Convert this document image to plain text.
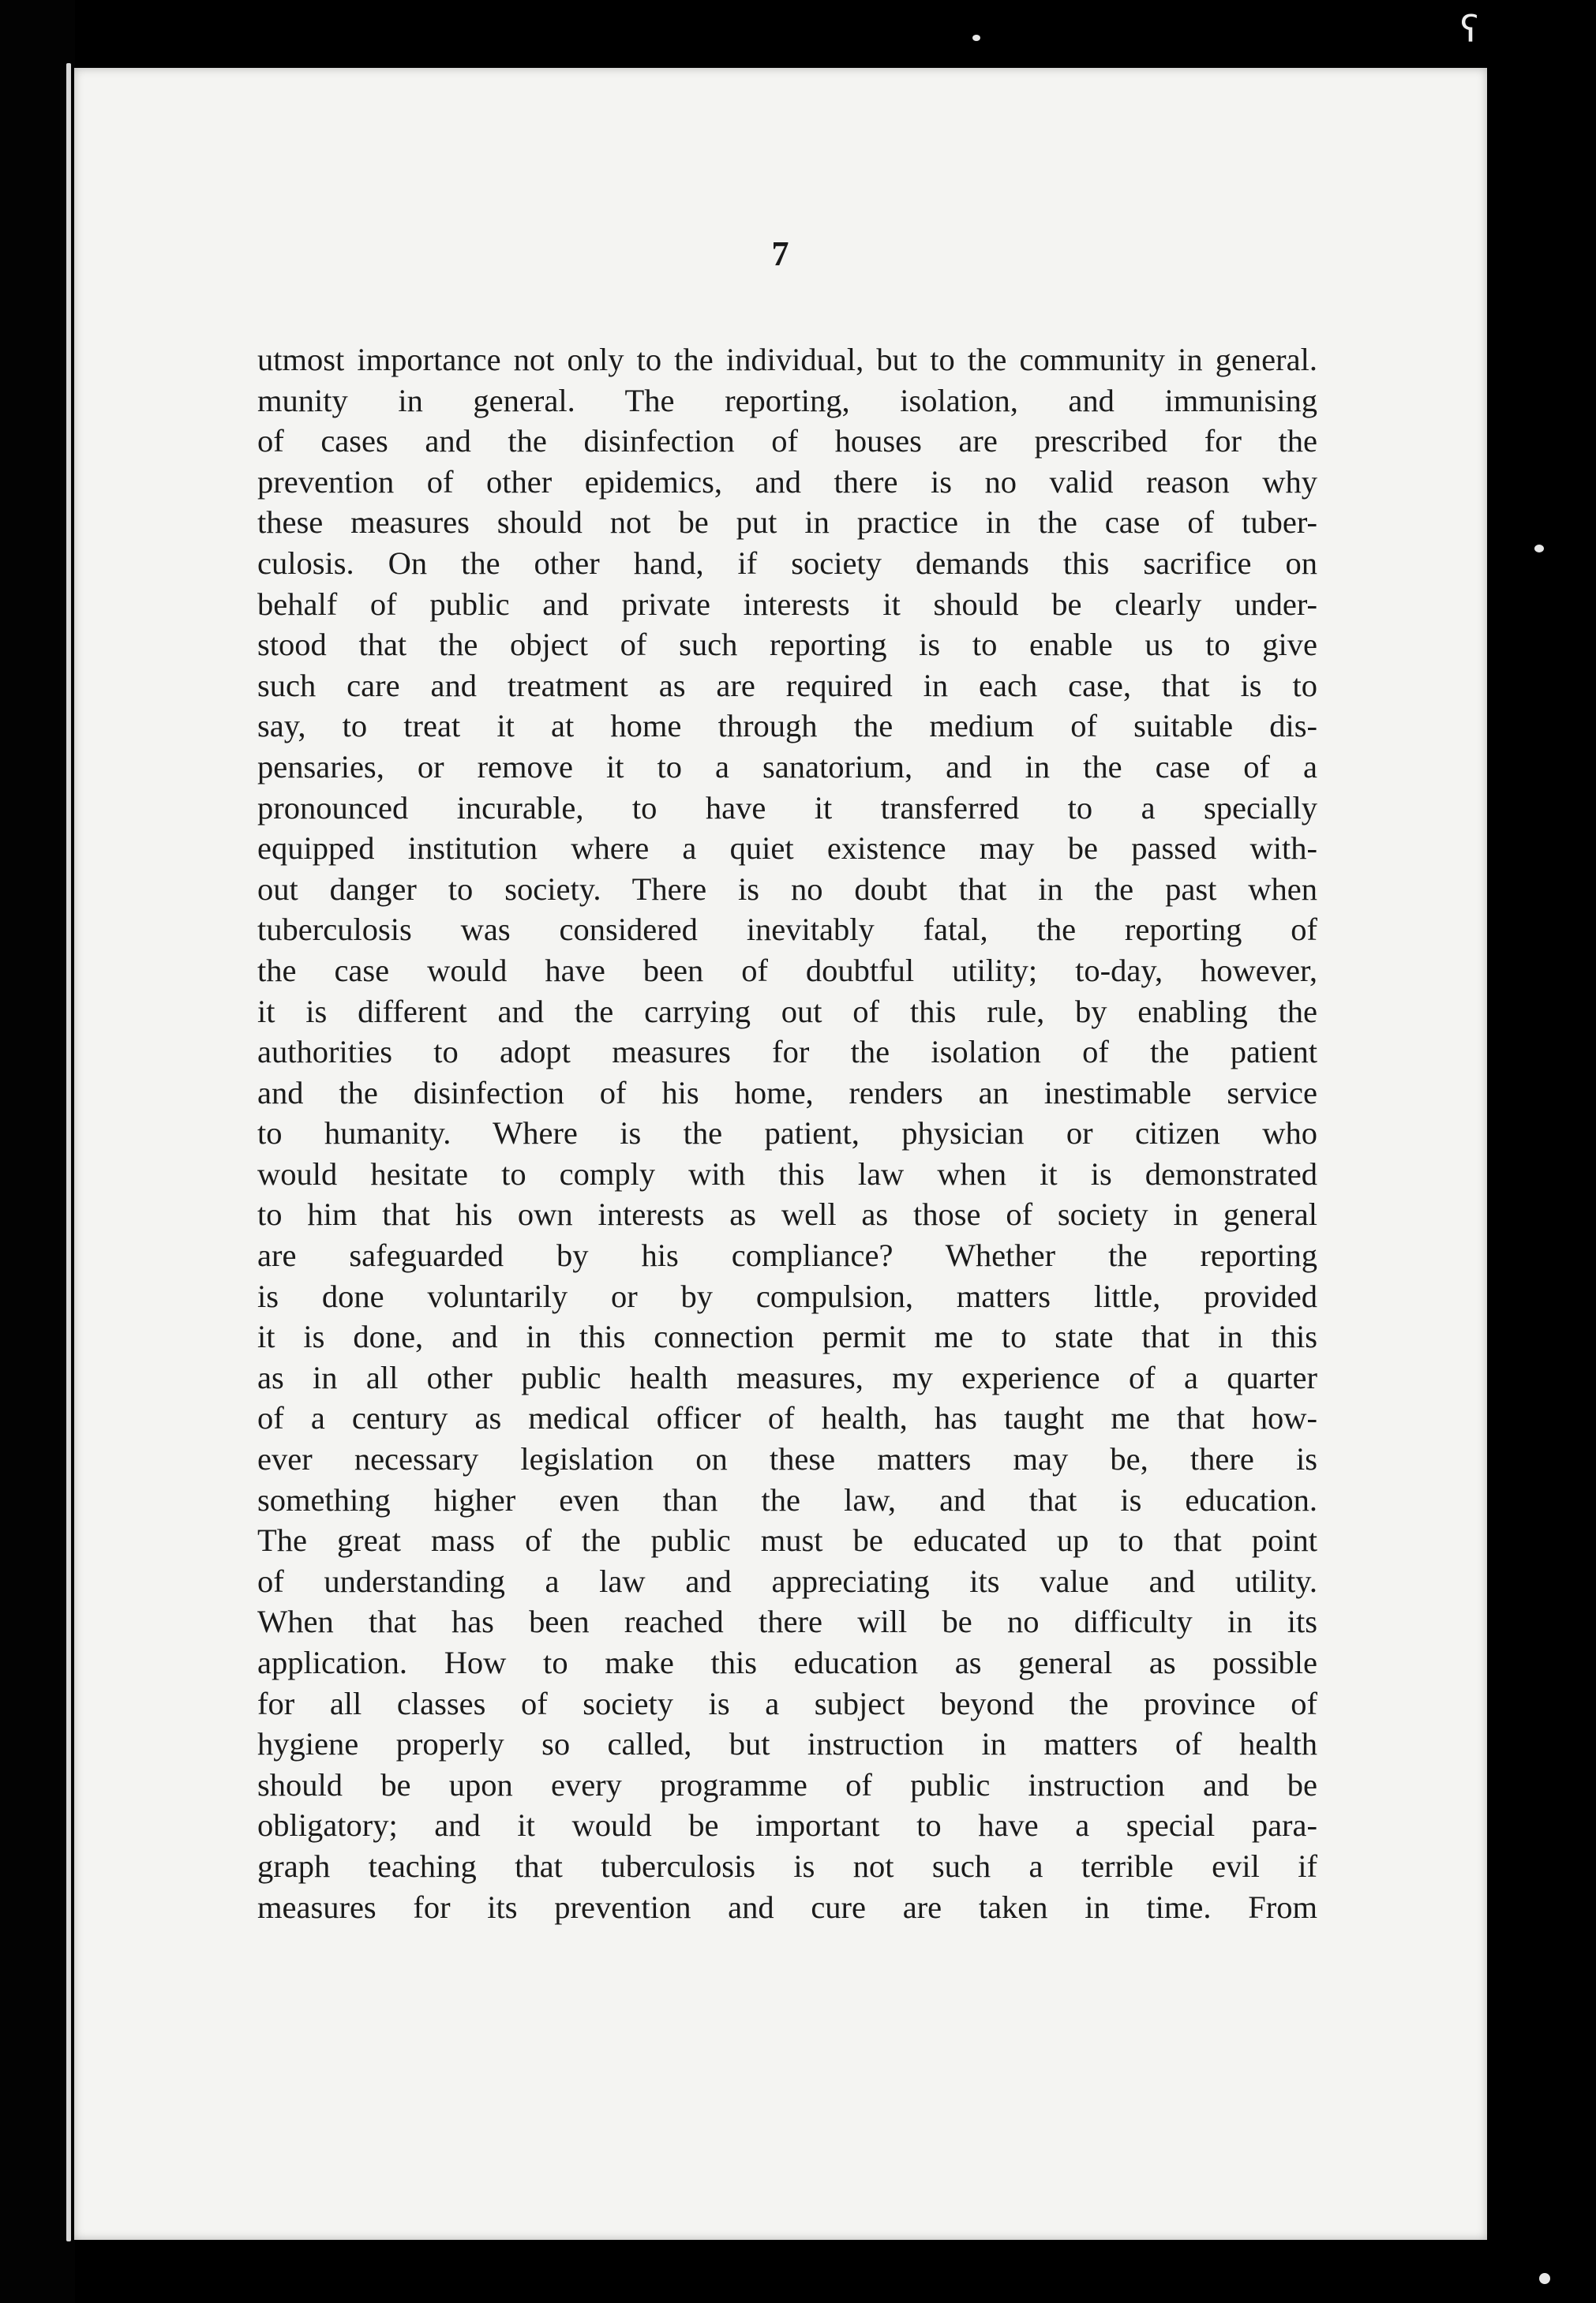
7
utmost importance not only to the individual, but to the community in general.
munity in general. The reporting, isolation, and immunising
of cases and the disinfection of houses are prescribed for the
prevention of other epidemics, and there is no valid reason why
these measures should not be put in practice in the case of tuber-
culosis. On the other hand, if society demands this sacrifice on
behalf of public and private interests it should be clearly under-
stood that the object of such reporting is to enable us to give
such care and treatment as are required in each case, that is to
say, to treat it at home through the medium of suitable dis-
pensaries, or remove it to a sanatorium, and in the case of a
pronounced incurable, to have it transferred to a specially
equipped institution where a quiet existence may be passed with-
out danger to society. There is no doubt that in the past when
tuberculosis was considered inevitably fatal, the reporting of
the case would have been of doubtful utility; to-day, however,
it is different and the carrying out of this rule, by enabling the
authorities to adopt measures for the isolation of the patient
and the disinfection of his home, renders an inestimable service
to humanity. Where is the patient, physician or citizen who
would hesitate to comply with this law when it is demonstrated
to him that his own interests as well as those of society in general
are safeguarded by his compliance? Whether the reporting
is done voluntarily or by compulsion, matters little, provided
it is done, and in this connection permit me to state that in this
as in all other public health measures, my experience of a quarter
of a century as medical officer of health, has taught me that how-
ever necessary legislation on these matters may be, there is
something higher even than the law, and that is education.
The great mass of the public must be educated up to that point
of understanding a law and appreciating its value and utility.
When that has been reached there will be no difficulty in its
application. How to make this education as general as possible
for all classes of society is a subject beyond the province of
hygiene properly so called, but instruction in matters of health
should be upon every programme of public instruction and be
obligatory; and it would be important to have a special para-
graph teaching that tuberculosis is not such a terrible evil if
measures for its prevention and cure are taken in time. From
ʕ
